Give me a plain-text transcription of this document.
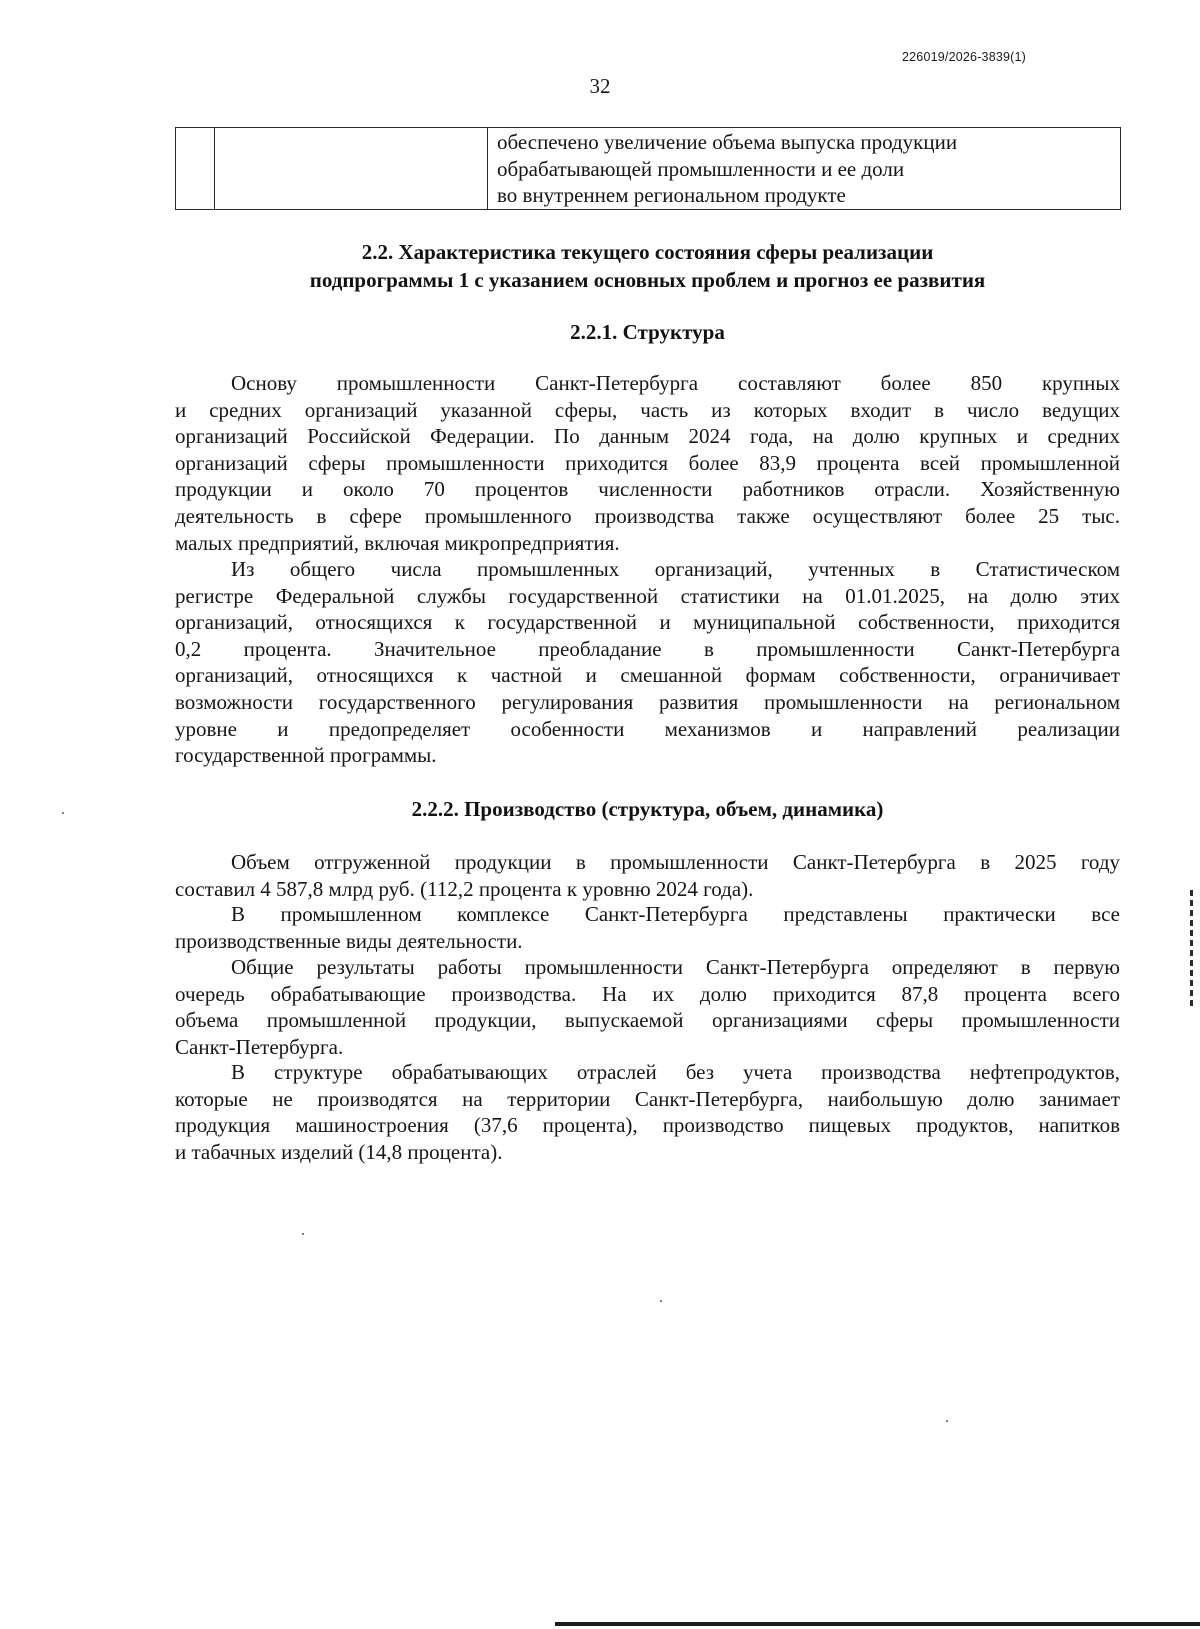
226019/2026-3839(1)
32

обеспечено увеличение объема выпуска продукции
обрабатывающей промышленности и ее доли
во внутреннем региональном продукте
2.2. Характеристика текущего состояния сферы реализации
подпрограммы 1 с указанием основных проблем и прогноз ее развития
2.2.1. Структура

Основу промышленности Санкт-Петербурга составляют более 850 крупных
и средних организаций указанной сферы, часть из которых входит в число ведущих
организаций Российской Федерации. По данным 2024 года, на долю крупных и средних
организаций сферы промышленности приходится более 83,9 процента всей промышленной
продукции и около 70 процентов численности работников отрасли. Хозяйственную
деятельность в сфере промышленного производства также осуществляют более 25 тыс.
малых предприятий, включая микропредприятия.

Из общего числа промышленных организаций, учтенных в Статистическом
регистре Федеральной службы государственной статистики на 01.01.2025, на долю этих
организаций, относящихся к государственной и муниципальной собственности, приходится
0,2 процента. Значительное преобладание в промышленности Санкт-Петербурга
организаций, относящихся к частной и смешанной формам собственности, ограничивает
возможности государственного регулирования развития промышленности на региональном
уровне и предопределяет особенности механизмов и направлений реализации
государственной программы.

2.2.2. Производство (структура, объем, динамика)

Объем отгруженной продукции в промышленности Санкт-Петербурга в 2025 году
составил 4 587,8 млрд руб. (112,2 процента к уровню 2024 года).

В промышленном комплексе Санкт-Петербурга представлены практически все
производственные виды деятельности.

Общие результаты работы промышленности Санкт-Петербурга определяют в первую
очередь обрабатывающие производства. На их долю приходится 87,8 процента всего
объема промышленной продукции, выпускаемой организациями сферы промышленности
Санкт-Петербурга.

В структуре обрабатывающих отраслей без учета производства нефтепродуктов,
которые не производятся на территории Санкт-Петербурга, наибольшую долю занимает
продукция машиностроения (37,6 процента), производство пищевых продуктов, напитков
и табачных изделий (14,8 процента).
